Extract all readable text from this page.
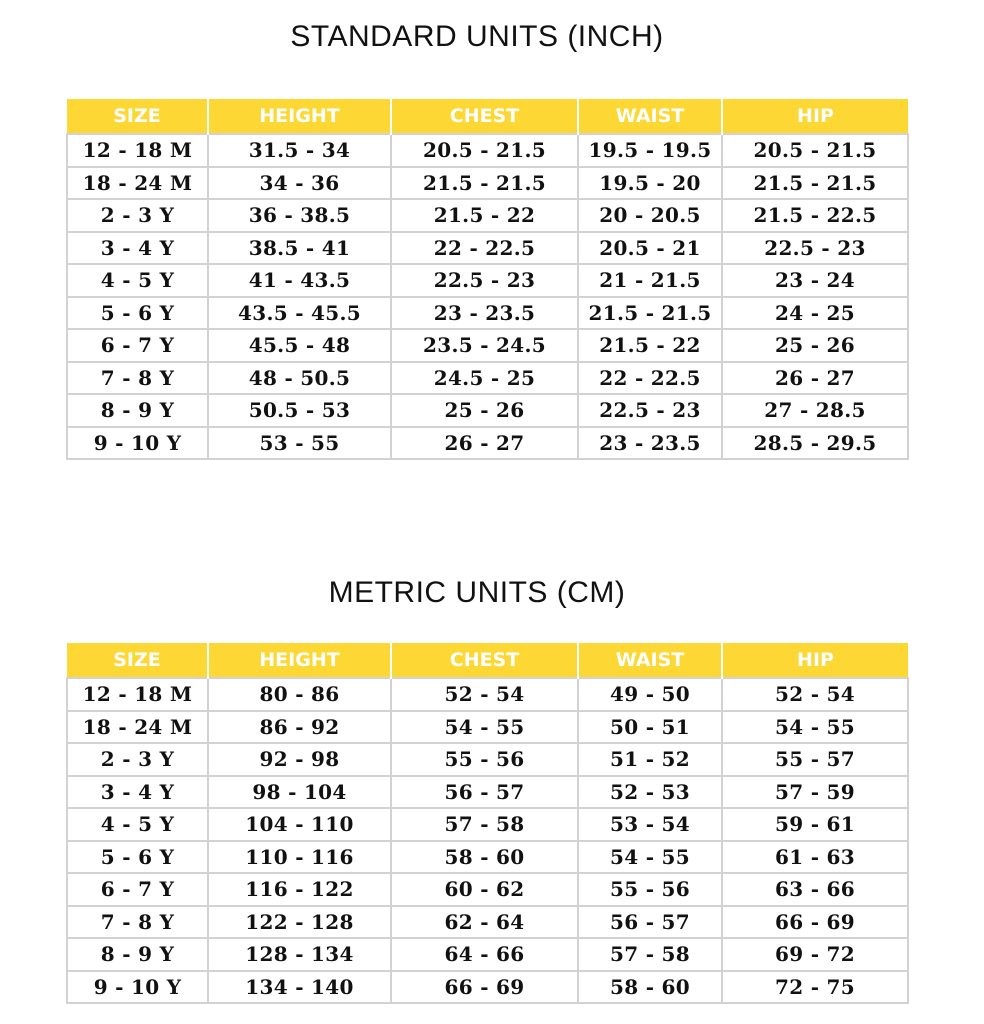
STANDARD UNITS (INCH)
SIZE	HEIGHT	CHEST	WAIST	HIP
12 - 18 M	31.5 - 34	20.5 - 21.5	19.5 - 19.5	20.5 - 21.5
18 - 24 M	34 - 36	21.5 - 21.5	19.5 - 20	21.5 - 21.5
2 - 3 Y	36 - 38.5	21.5 - 22	20 - 20.5	21.5 - 22.5
3 - 4 Y	38.5 - 41	22 - 22.5	20.5 - 21	22.5 - 23
4 - 5 Y	41 - 43.5	22.5 - 23	21 - 21.5	23 - 24
5 - 6 Y	43.5 - 45.5	23 - 23.5	21.5 - 21.5	24 - 25
6 - 7 Y	45.5 - 48	23.5 - 24.5	21.5 - 22	25 - 26
7 - 8 Y	48 - 50.5	24.5 - 25	22 - 22.5	26 - 27
8 - 9 Y	50.5 - 53	25 - 26	22.5 - 23	27 - 28.5
9 - 10 Y	53 - 55	26 - 27	23 - 23.5	28.5 - 29.5
METRIC UNITS (CM)
SIZE	HEIGHT	CHEST	WAIST	HIP
12 - 18 M	80 - 86	52 - 54	49 - 50	52 - 54
18 - 24 M	86 - 92	54 - 55	50 - 51	54 - 55
2 - 3 Y	92 - 98	55 - 56	51 - 52	55 - 57
3 - 4 Y	98 - 104	56 - 57	52 - 53	57 - 59
4 - 5 Y	104 - 110	57 - 58	53 - 54	59 - 61
5 - 6 Y	110 - 116	58 - 60	54 - 55	61 - 63
6 - 7 Y	116 - 122	60 - 62	55 - 56	63 - 66
7 - 8 Y	122 - 128	62 - 64	56 - 57	66 - 69
8 - 9 Y	128 - 134	64 - 66	57 - 58	69 - 72
9 - 10 Y	134 - 140	66 - 69	58 - 60	72 - 75
